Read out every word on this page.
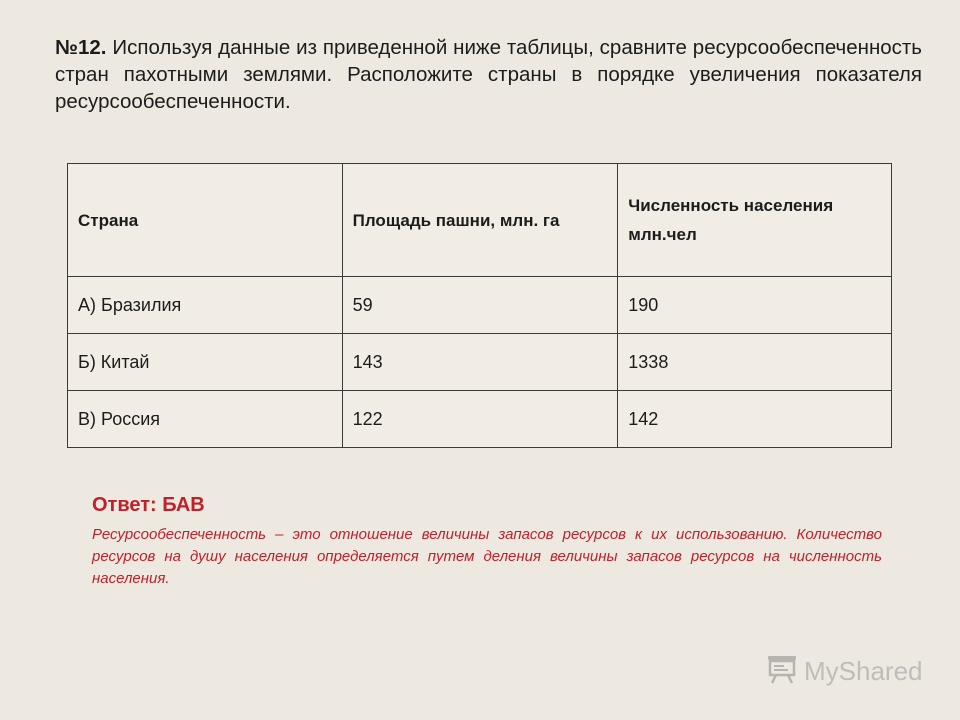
№12. Используя данные из приведенной ниже таблицы, сравните ресурсообеспеченность стран пахотными землями. Расположите страны в порядке увеличения показателя ресурсообеспеченности.
Страна	Площадь пашни, млн. га	Численность населения млн.чел
А) Бразилия	59	190
Б) Китай	143	1338
В) Россия	122	142
Ответ: БАВ
Ресурсообеспеченность – это отношение величины запасов ресурсов к их использованию. Количество ресурсов на душу населения определяется путем деления величины запасов ресурсов на численность населения.
MyShared
